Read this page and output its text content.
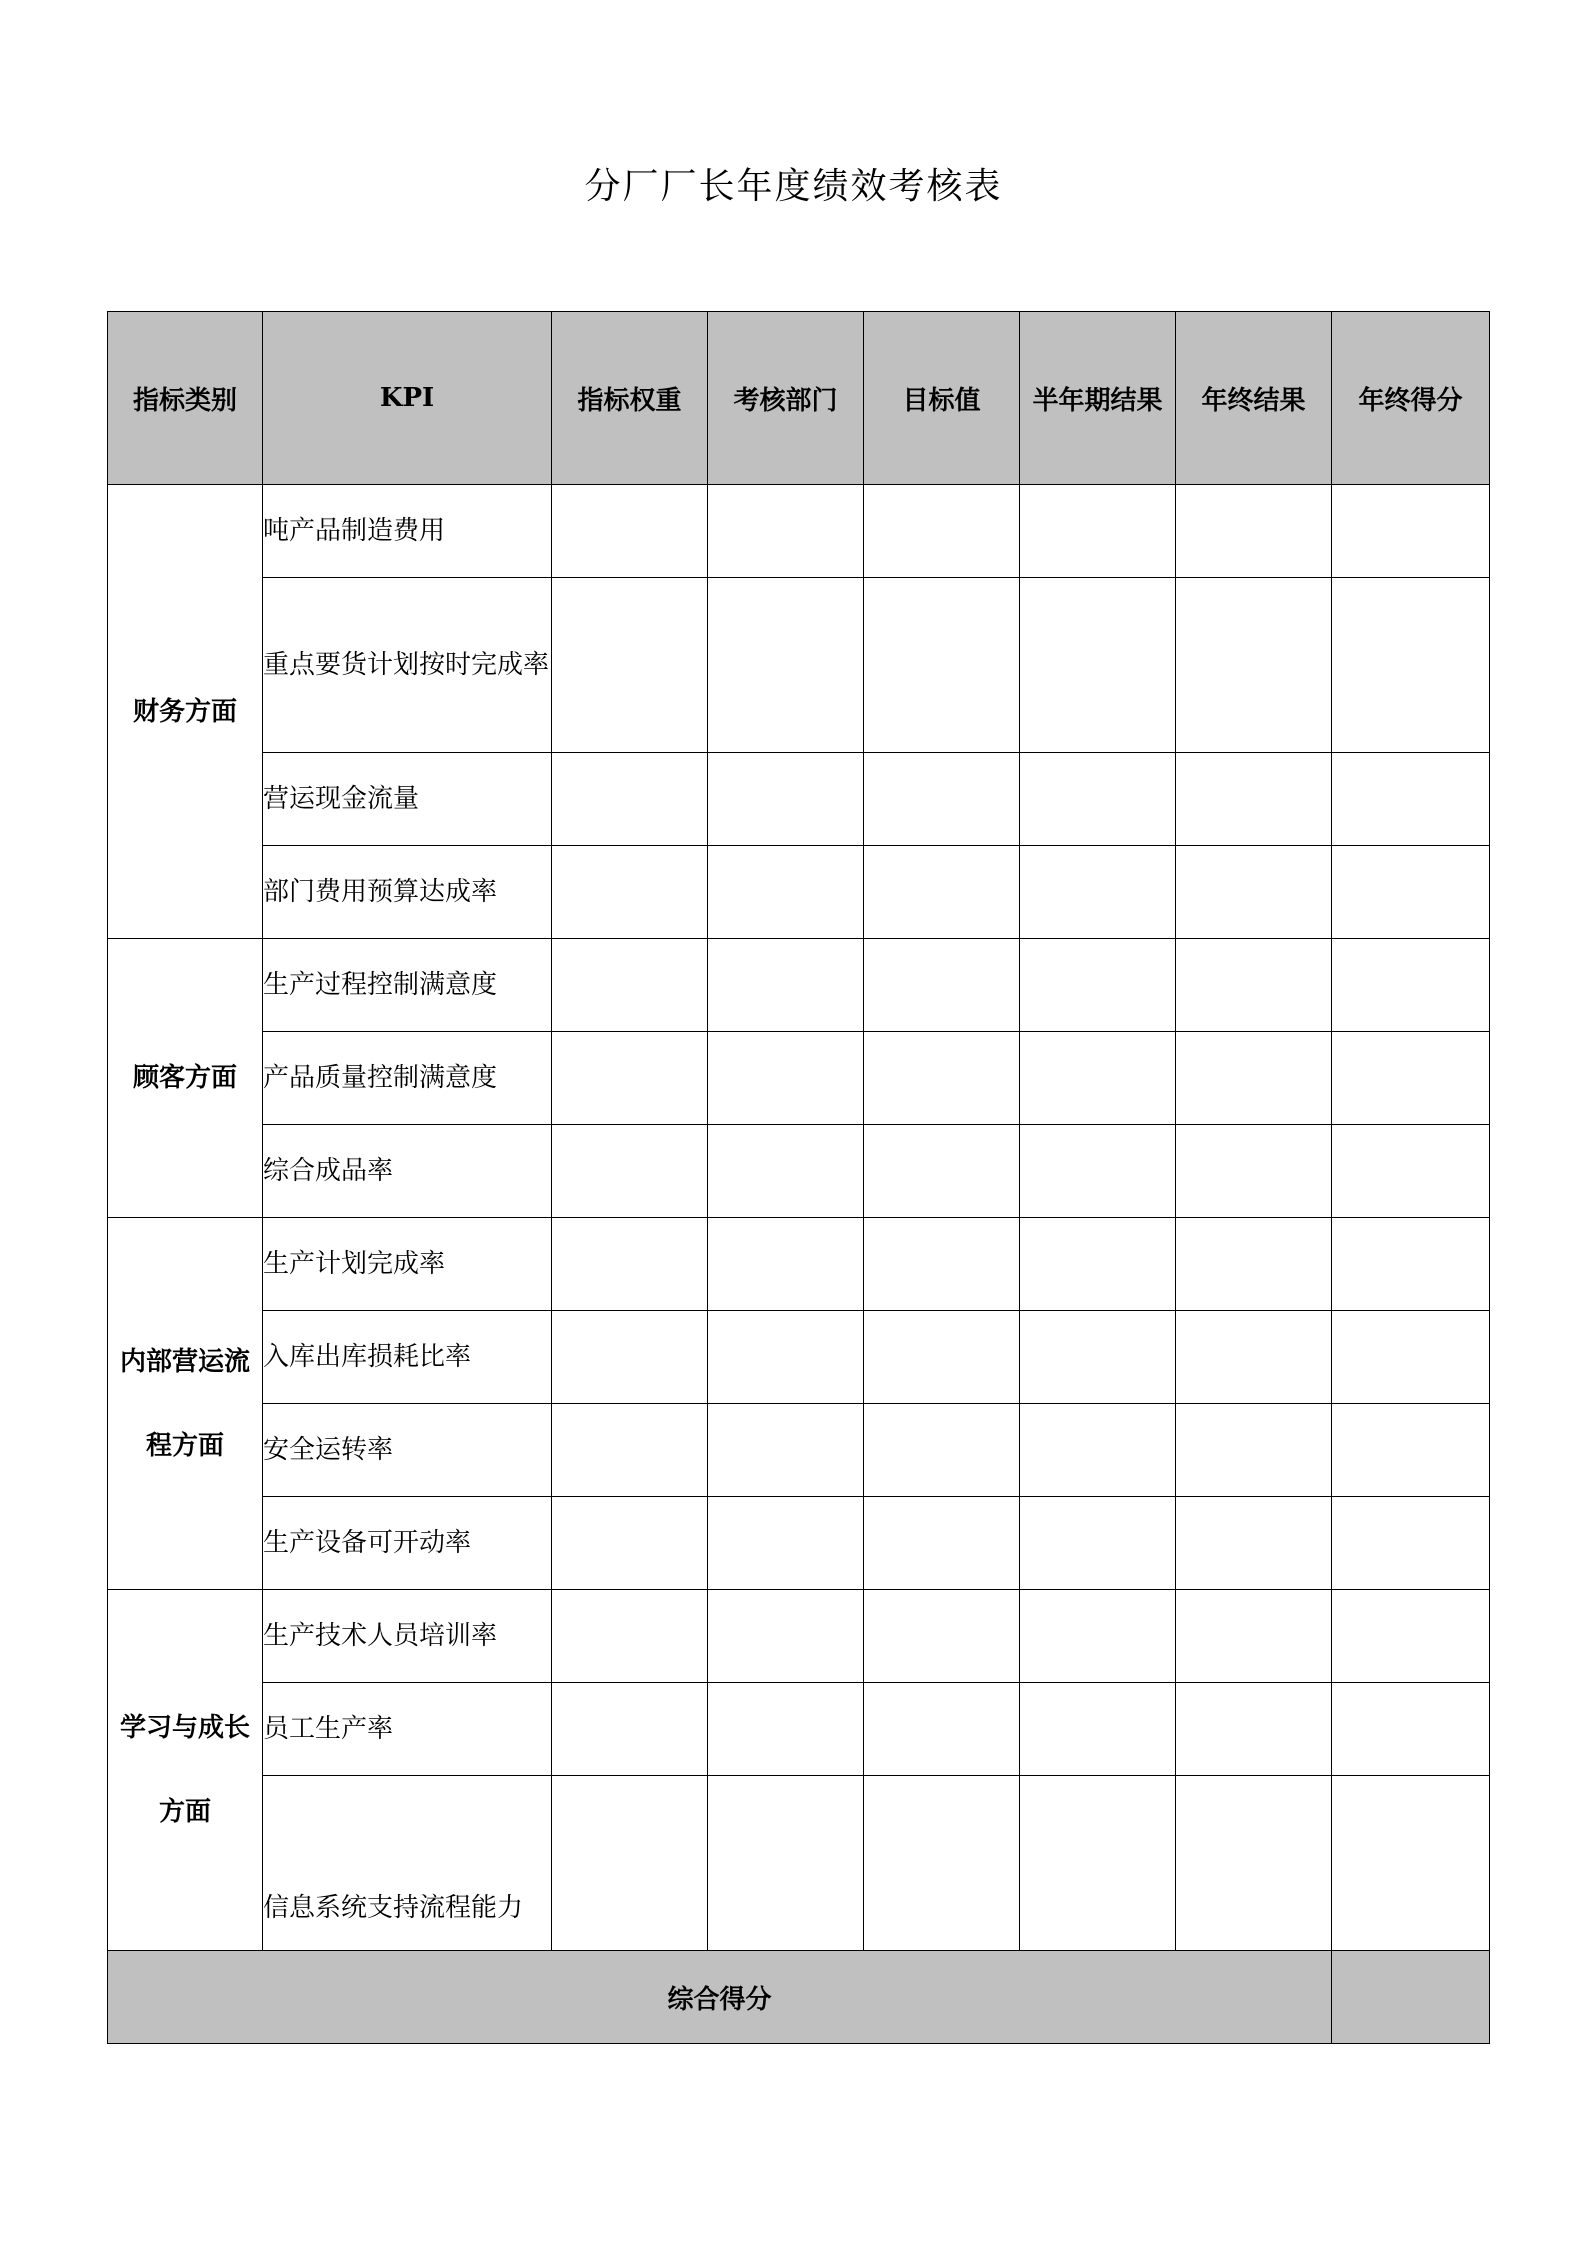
分厂厂长年度绩效考核表
指标类别	KPI	指标权重	考核部门	目标值	半年期结果	年终结果	年终得分
财务方面	吨产品制造费用						
	重点要货计划按时完成率						
	营运现金流量						
	部门费用预算达成率						
顾客方面	生产过程控制满意度						
	产品质量控制满意度						
	综合成品率						
内部营运流程方面	生产计划完成率						
	入库出库损耗比率						
	安全运转率						
	生产设备可开动率						
学习与成长方面	生产技术人员培训率						
	员工生产率						
	信息系统支持流程能力						
综合得分							
